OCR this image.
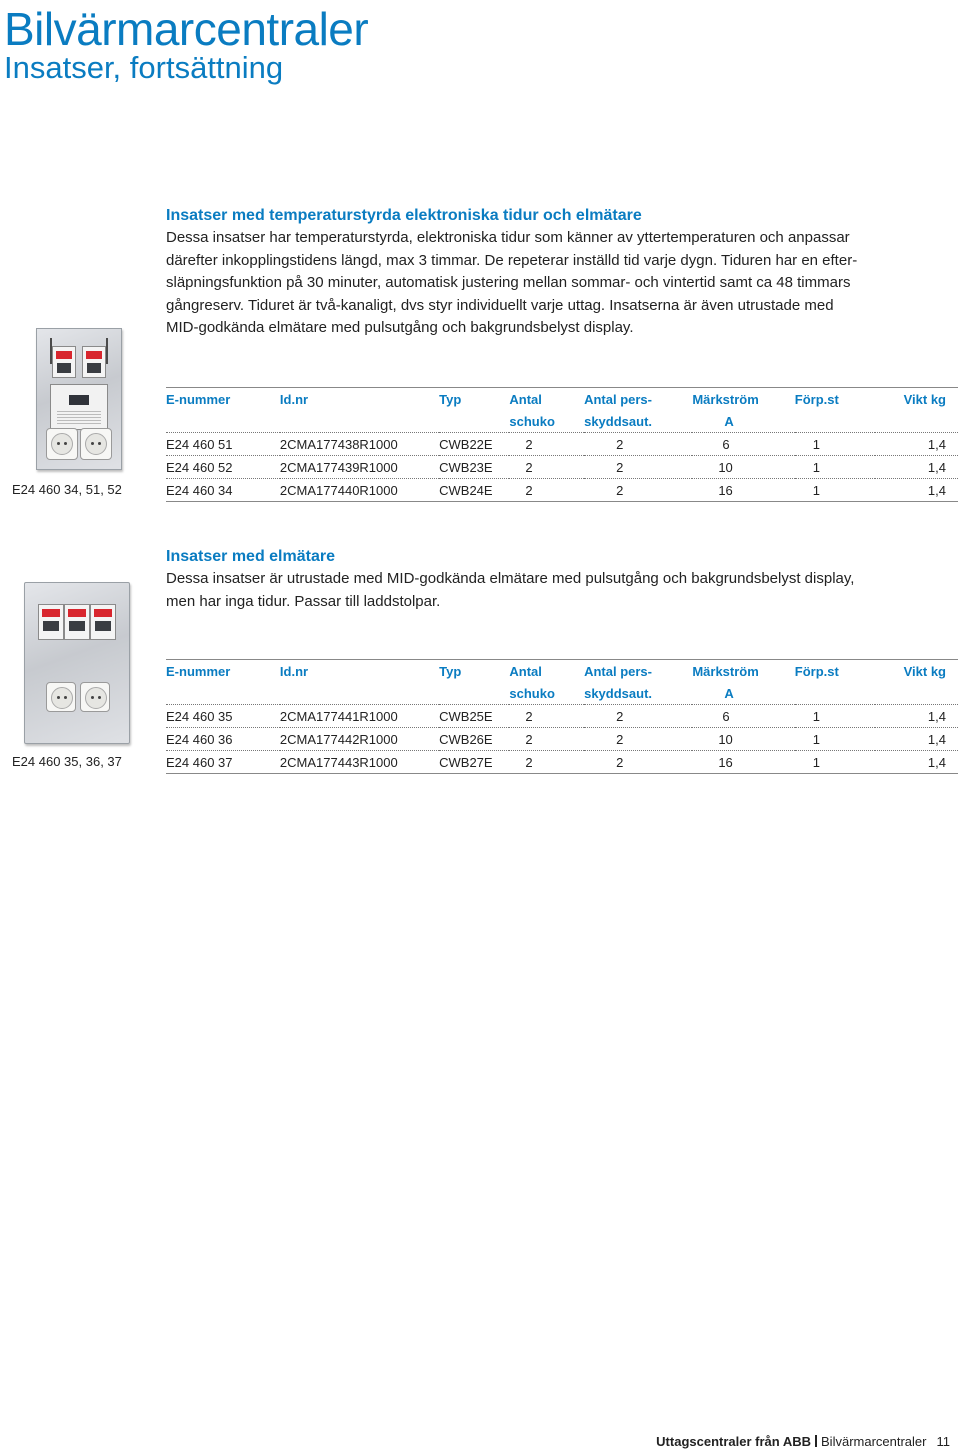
Bilvärmarcentraler
Insatser, fortsättning
Insatser med temperaturstyrda elektroniska tidur och elmätare
Dessa insatser har temperaturstyrda, elektroniska tidur som känner av yttertemperaturen och anpassar
därefter inkopplingstidens längd, max 3 timmar. De repeterar inställd tid varje dygn. Tiduren har en efter-
släpningsfunktion på 30 minuter, automatisk justering mellan sommar- och vintertid samt ca 48 timmars
gångreserv. Tiduret är två-kanaligt, dvs styr individuellt varje uttag. Insatserna är även utrustade med
MID-godkända elmätare med pulsutgång och bakgrundsbelyst display.
E24 460 34, 51, 52
E-nummer	Id.nr	Typ	Antal	Antal pers-	Märkström	Förp.st	Vikt kg
			schuko	skyddsaut.	A		
E24 460 51	2CMA177438R1000	CWB22E	2	2	6	1	1,4
E24 460 52	2CMA177439R1000	CWB23E	2	2	10	1	1,4
E24 460 34	2CMA177440R1000	CWB24E	2	2	16	1	1,4
Insatser med elmätare
Dessa insatser är utrustade med MID-godkända elmätare med pulsutgång och bakgrundsbelyst display,
men har inga tidur. Passar till laddstolpar.
E24 460 35, 36, 37
E-nummer	Id.nr	Typ	Antal	Antal pers-	Märkström	Förp.st	Vikt kg
			schuko	skyddsaut.	A		
E24 460 35	2CMA177441R1000	CWB25E	2	2	6	1	1,4
E24 460 36	2CMA177442R1000	CWB26E	2	2	10	1	1,4
E24 460 37	2CMA177443R1000	CWB27E	2	2	16	1	1,4
Uttagscentraler från ABB Bilvärmarcentraler 11
